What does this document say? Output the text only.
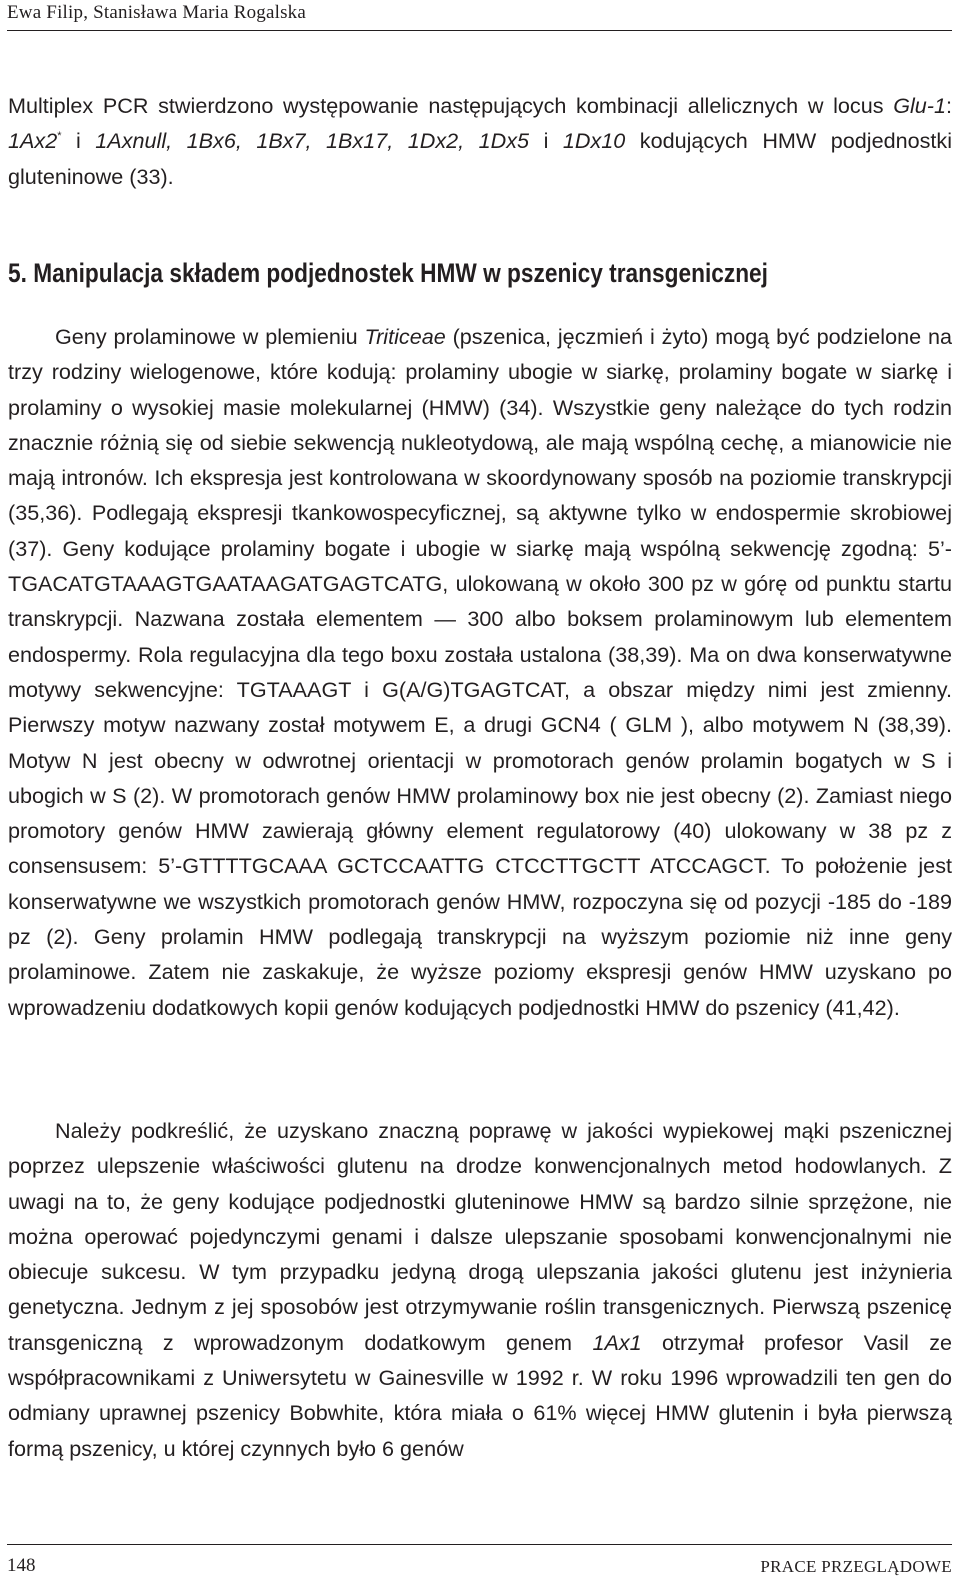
Ewa Filip, Stanisława Maria Rogalska

Multiplex PCR stwierdzono występowanie następujących kombinacji allelicznych w locus Glu-1: 1Ax2* i 1Axnull, 1Bx6, 1Bx7, 1Bx17, 1Dx2, 1Dx5 i 1Dx10 kodujących HMW podjednostki gluteninowe (33).

5. Manipulacja składem podjednostek HMW w pszenicy transgenicznej

Geny prolaminowe w plemieniu Triticeae (pszenica, jęczmień i żyto) mogą być podzielone na trzy rodziny wielogenowe, które kodują: prolaminy ubogie w siarkę, prolaminy bogate w siarkę i prolaminy o wysokiej masie molekularnej (HMW) (34). Wszystkie geny należące do tych rodzin znacznie różnią się od siebie sekwencją nukleotydową, ale mają wspólną cechę, a mianowicie nie mają intronów. Ich ekspresja jest kontrolowana w skoordynowany sposób na poziomie transkrypcji (35,36). Podlegają ekspresji tkankowospecyficznej, są aktywne tylko w endospermie skrobiowej (37). Geny kodujące prolaminy bogate i ubogie w siarkę mają wspólną sekwencję zgodną: 5’-TGACATGTAAAGTGAATAAGATGAGTCATG, ulokowaną w około 300 pz w górę od punktu startu transkrypcji. Nazwana została elementem — 300 albo boksem prolaminowym lub elementem endospermy. Rola regulacyjna dla tego boxu została ustalona (38,39). Ma on dwa konserwatywne motywy sekwencyjne: TGTAAAGT i G(A/G)TGAGTCAT, a obszar między nimi jest zmienny. Pierwszy motyw nazwany został motywem E, a drugi GCN4 ( GLM ), albo motywem N (38,39). Motyw N jest obecny w odwrotnej orientacji w promotorach genów prolamin bogatych w S i ubogich w S (2). W promotorach genów HMW prolaminowy box nie jest obecny (2). Zamiast niego promotory genów HMW zawierają główny element regulatorowy (40) ulokowany w 38 pz z consensusem: 5’-GTTTTGCAAA GCTCCAATTG CTCCTTGCTT ATCCAGCT. To położenie jest konserwatywne we wszystkich promotorach genów HMW, rozpoczyna się od pozycji -185 do -189 pz (2). Geny prolamin HMW podlegają transkrypcji na wyższym poziomie niż inne geny prolaminowe. Zatem nie zaskakuje, że wyższe poziomy ekspresji genów HMW uzyskano po wprowadzeniu dodatkowych kopii genów kodujących podjednostki HMW do pszenicy (41,42).

Należy podkreślić, że uzyskano znaczną poprawę w jakości wypiekowej mąki pszenicznej poprzez ulepszenie właściwości glutenu na drodze konwencjonalnych metod hodowlanych. Z uwagi na to, że geny kodujące podjednostki gluteninowe HMW są bardzo silnie sprzężone, nie można operować pojedynczymi genami i dalsze ulepszanie sposobami konwencjonalnymi nie obiecuje sukcesu. W tym przypadku jedyną drogą ulepszania jakości glutenu jest inżynieria genetyczna. Jednym z jej sposobów jest otrzymywanie roślin transgenicznych. Pierwszą pszenicę transgeniczną z wprowadzonym dodatkowym genem 1Ax1 otrzymał profesor Vasil ze współpracownikami z Uniwersytetu w Gainesville w 1992 r. W roku 1996 wprowadzili ten gen do odmiany uprawnej pszenicy Bobwhite, która miała o 61% więcej HMW glutenin i była pierwszą formą pszenicy, u której czynnych było 6 genów

148	PRACE PRZEGLĄDOWE
